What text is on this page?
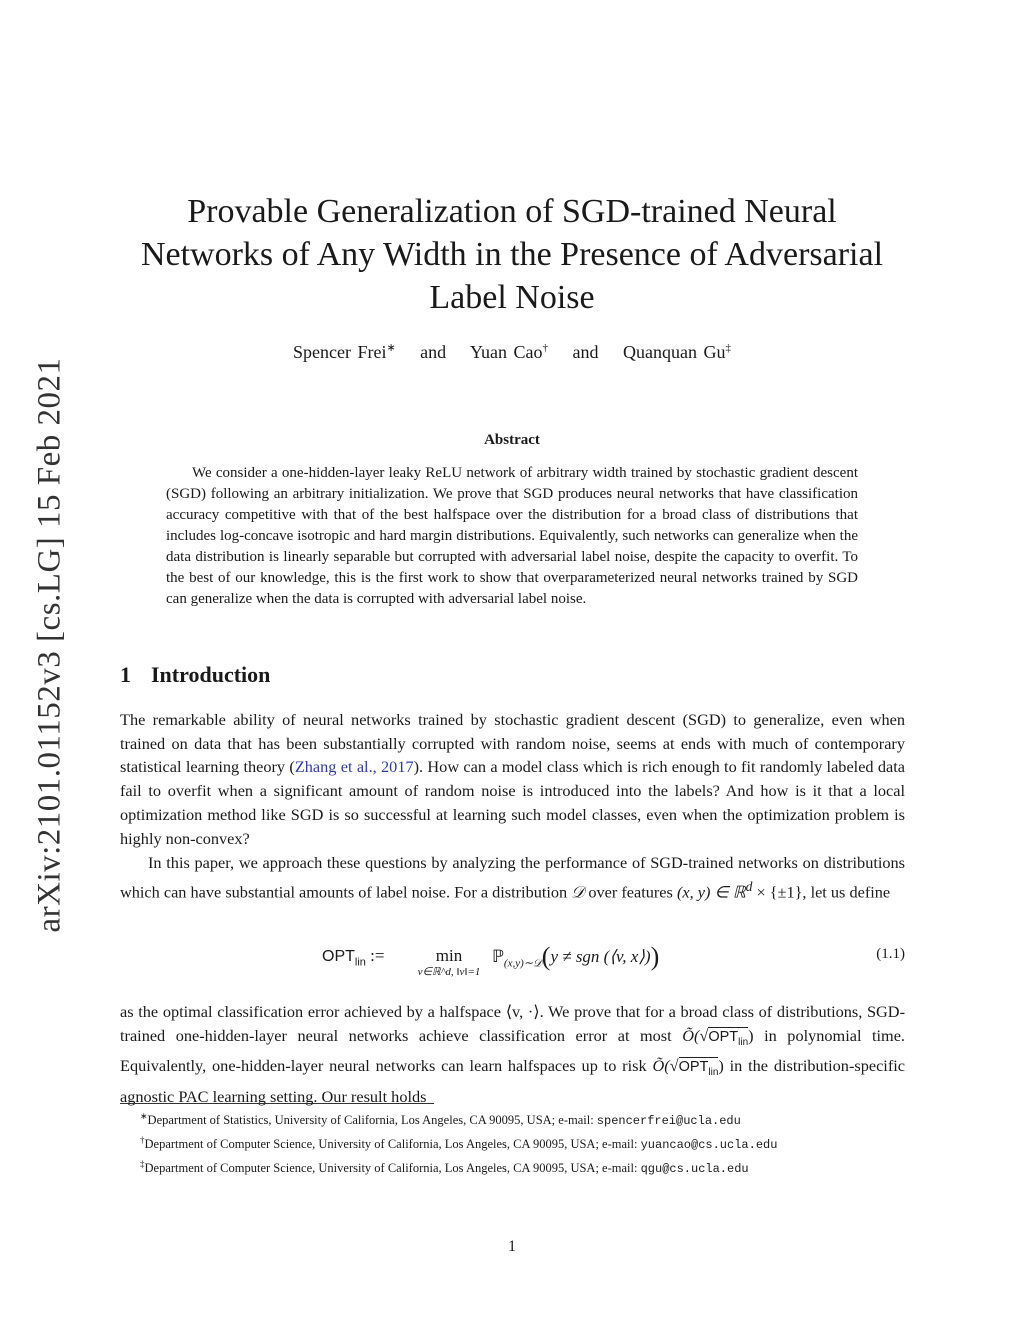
arXiv:2101.01152v3 [cs.LG] 15 Feb 2021
Provable Generalization of SGD-trained Neural
Networks of Any Width in the Presence of Adversarial
Label Noise
Spencer Frei∗ and Yuan Cao† and Quanquan Gu‡
Abstract

We consider a one-hidden-layer leaky ReLU network of arbitrary width trained by stochastic gradient descent (SGD) following an arbitrary initialization. We prove that SGD produces neural networks that have classification accuracy competitive with that of the best halfspace over the distribution for a broad class of distributions that includes log-concave isotropic and hard margin distributions. Equivalently, such networks can generalize when the data distribution is linearly separable but corrupted with adversarial label noise, despite the capacity to overfit. To the best of our knowledge, this is the first work to show that overparameterized neural networks trained by SGD can generalize when the data is corrupted with adversarial label noise.

1 Introduction

The remarkable ability of neural networks trained by stochastic gradient descent (SGD) to generalize, even when trained on data that has been substantially corrupted with random noise, seems at ends with much of contemporary statistical learning theory (Zhang et al., 2017). How can a model class which is rich enough to fit randomly labeled data fail to overfit when a significant amount of random noise is introduced into the labels? And how is it that a local optimization method like SGD is so successful at learning such model classes, even when the optimization problem is highly non-convex?

In this paper, we approach these questions by analyzing the performance of SGD-trained networks on distributions which can have substantial amounts of label noise. For a distribution 𝒟 over features (x, y) ∈ ℝ$^d$ × {±1}, let us define

$OPT_{lin}$ :=	min
v∈ℝ^d, ‖v‖=1
ℙ$_{(x,y)\sim 𝒟}$(y ≠ sgn (⟨v, x⟩))	(1.1)

as the optimal classification error achieved by a halfspace ⟨v, ·⟩. We prove that for a broad class of distributions, SGD-trained one-hidden-layer neural networks achieve classification error at most $Õ(√OPT_{lin})$ in polynomial time. Equivalently, one-hidden-layer neural networks can learn halfspaces up to risk $Õ(√OPT_{lin})$ in the distribution-specific agnostic PAC learning setting. Our result holds

∗Department of Statistics, University of California, Los Angeles, CA 90095, USA; e-mail: spencerfrei@ucla.edu

†Department of Computer Science, University of California, Los Angeles, CA 90095, USA; e-mail: yuancao@cs.ucla.edu

‡Department of Computer Science, University of California, Los Angeles, CA 90095, USA; e-mail: qgu@cs.ucla.edu

1
